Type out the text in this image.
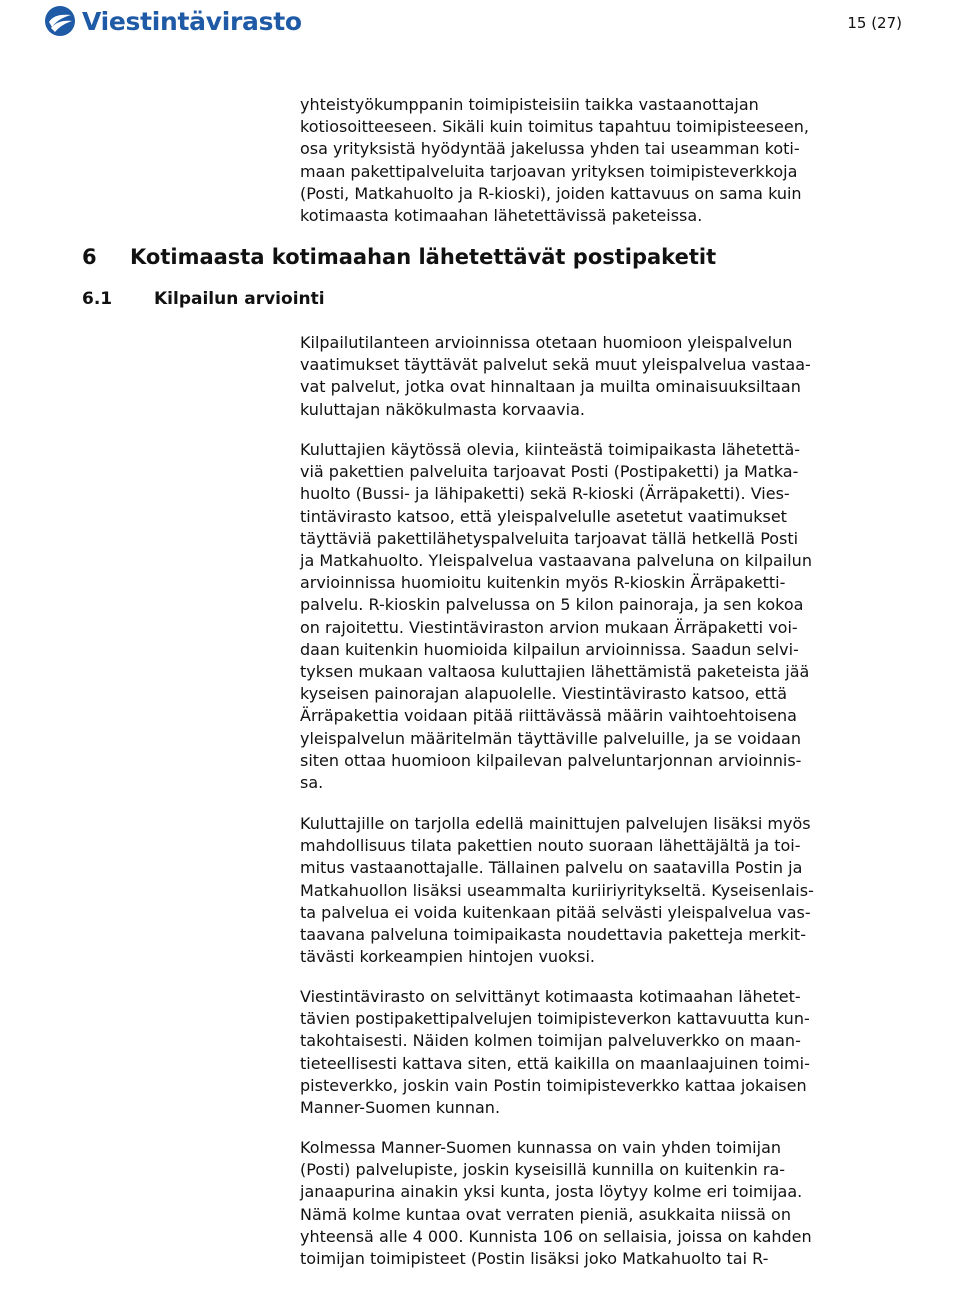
Viestintävirasto	15 (27)

yhteistyökumppanin toimipisteisiin taikka vastaanottajan
kotiosoitteeseen. Sikäli kuin toimitus tapahtuu toimipisteeseen,
osa yrityksistä hyödyntää jakelussa yhden tai useamman koti-
maan pakettipalveluita tarjoavan yrityksen toimipisteverkkoja
(Posti, Matkahuolto ja R-kioski), joiden kattavuus on sama kuin
kotimaasta kotimaahan lähetettävissä paketeissa.

6 Kotimaasta kotimaahan lähetettävät postipaketit
6.1 Kilpailun arviointi

Kilpailutilanteen arvioinnissa otetaan huomioon yleispalvelun
vaatimukset täyttävät palvelut sekä muut yleispalvelua vastaa-
vat palvelut, jotka ovat hinnaltaan ja muilta ominaisuuksiltaan
kuluttajan näkökulmasta korvaavia.

Kuluttajien käytössä olevia, kiinteästä toimipaikasta lähetettä-
viä pakettien palveluita tarjoavat Posti (Postipaketti) ja Matka-
huolto (Bussi- ja lähipaketti) sekä R-kioski (Ärräpaketti). Vies-
tintävirasto katsoo, että yleispalvelulle asetetut vaatimukset
täyttäviä pakettilähetyspalveluita tarjoavat tällä hetkellä Posti
ja Matkahuolto. Yleispalvelua vastaavana palveluna on kilpailun
arvioinnissa huomioitu kuitenkin myös R-kioskin Ärräpaketti-
palvelu. R-kioskin palvelussa on 5 kilon painoraja, ja sen kokoa
on rajoitettu. Viestintäviraston arvion mukaan Ärräpaketti voi-
daan kuitenkin huomioida kilpailun arvioinnissa. Saadun selvi-
tyksen mukaan valtaosa kuluttajien lähettämistä paketeista jää
kyseisen painorajan alapuolelle. Viestintävirasto katsoo, että
Ärräpakettia voidaan pitää riittävässä määrin vaihtoehtoisena
yleispalvelun määritelmän täyttäville palveluille, ja se voidaan
siten ottaa huomioon kilpailevan palveluntarjonnan arvioinnis-
sa.

Kuluttajille on tarjolla edellä mainittujen palvelujen lisäksi myös
mahdollisuus tilata pakettien nouto suoraan lähettäjältä ja toi-
mitus vastaanottajalle. Tällainen palvelu on saatavilla Postin ja
Matkahuollon lisäksi useammalta kuriiriyritykseltä. Kyseisenlais-
ta palvelua ei voida kuitenkaan pitää selvästi yleispalvelua vas-
taavana palveluna toimipaikasta noudettavia paketteja merkit-
tävästi korkeampien hintojen vuoksi.

Viestintävirasto on selvittänyt kotimaasta kotimaahan lähetet-
tävien postipakettipalvelujen toimipisteverkon kattavuutta kun-
takohtaisesti. Näiden kolmen toimijan palveluverkko on maan-
tieteellisesti kattava siten, että kaikilla on maanlaajuinen toimi-
pisteverkko, joskin vain Postin toimipisteverkko kattaa jokaisen
Manner-Suomen kunnan.

Kolmessa Manner-Suomen kunnassa on vain yhden toimijan
(Posti) palvelupiste, joskin kyseisillä kunnilla on kuitenkin ra-
janaapurina ainakin yksi kunta, josta löytyy kolme eri toimijaa.
Nämä kolme kuntaa ovat verraten pieniä, asukkaita niissä on
yhteensä alle 4 000. Kunnista 106 on sellaisia, joissa on kahden
toimijan toimipisteet (Postin lisäksi joko Matkahuolto tai R-
